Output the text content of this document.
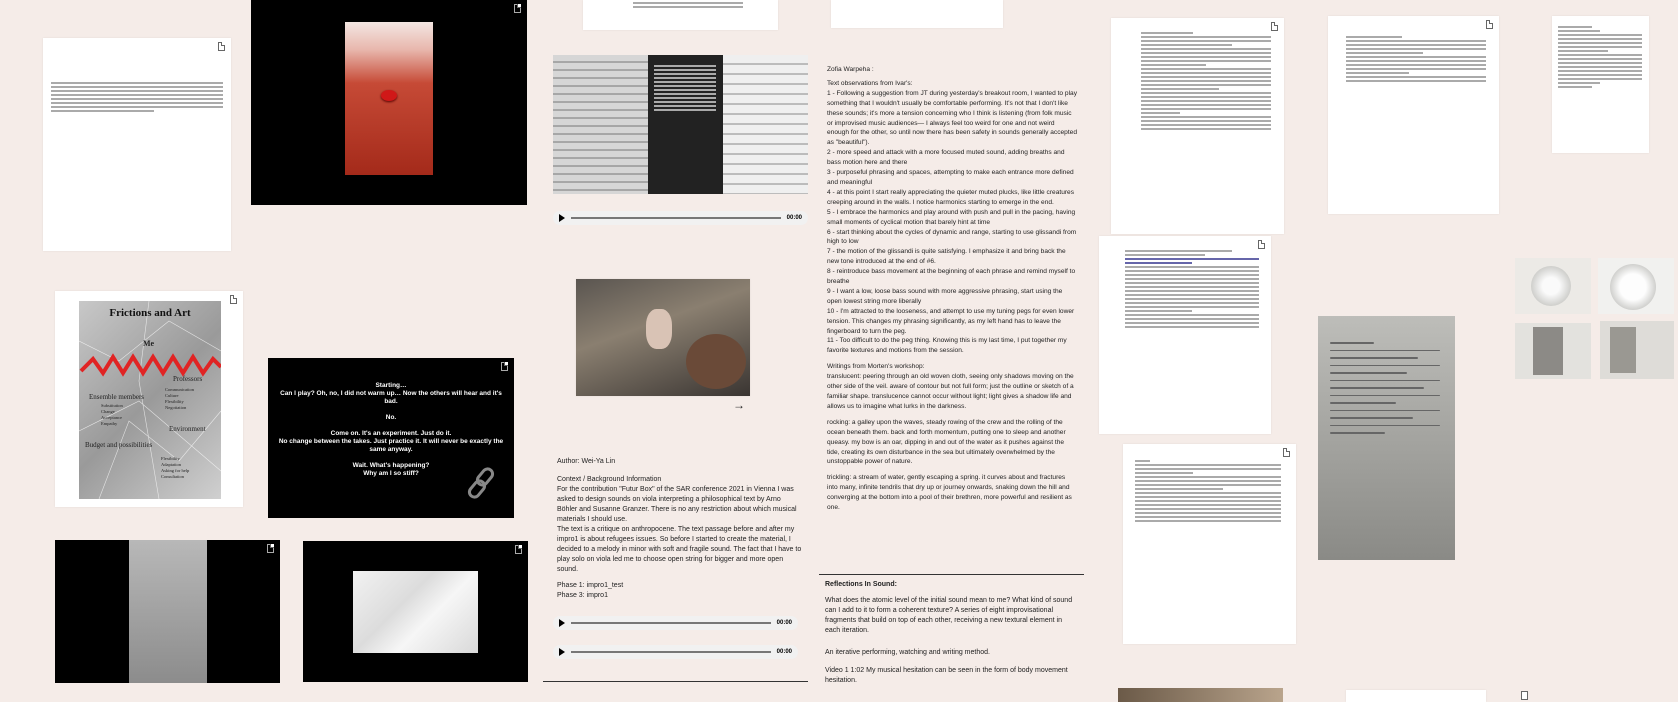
Frictions and Art
Me
Professors
Communication
Culture
Flexibility
Negotiation
Ensemble members
Substitution
Change
Acceptance
Empathy
Environment
Budget and possibilities
Flexibility
Adaptation
Asking for help
Consultation
Starting…
Can I play? Oh, no, I did not warm up… Now the others will hear and it's bad.
No.
Come on. It's an experiment. Just do it.
No change between the takes. Just practice it. It will never be exactly the same anyway.
Wait. What's happening?
Why am I so stiff?
00:00
→

Author: Wei-Ya Lin

Context / Background Information

For the contribution "Futur Box" of the SAR conference 2021 in Vienna I was asked to design sounds on viola interpreting a philosophical text by Arno Böhler and Susanne Granzer. There is no any restriction about which musical materials I should use.

The text is a critique on anthropocene. The text passage before and after my impro1 is about refugees issues. So before I started to create the material, I decided to a melody in minor with soft and fragile sound. The fact that I have to play solo on viola led me to choose open string for bigger and more open sound.

Phase 1: impro1_test

Phase 3: impro1

00:00
00:00

Zofia Warpeha :

Text observations from Ivar's:

1 - Following a suggestion from JT during yesterday's breakout room, I wanted to play something that I wouldn't usually be comfortable performing. It's not that I don't like these sounds; it's more a tension concerning who I think is listening (from folk music or improvised music audiences— I always feel too weird for one and not weird enough for the other, so until now there has been safety in sounds generally accepted as "beautiful").
2 - more speed and attack with a more focused muted sound, adding breaths and bass motion here and there
3 - purposeful phrasing and spaces, attempting to make each entrance more defined and meaningful
4 - at this point I start really appreciating the quieter muted plucks, like little creatures creeping around in the walls. I notice harmonics starting to emerge in the end.
5 - I embrace the harmonics and play around with push and pull in the pacing, having small moments of cyclical motion that barely hint at time
6 - start thinking about the cycles of dynamic and range, starting to use glissandi from high to low
7 - the motion of the glissandi is quite satisfying. I emphasize it and bring back the new tone introduced at the end of #6.
8 - reintroduce bass movement at the beginning of each phrase and remind myself to breathe
9 - I want a low, loose bass sound with more aggressive phrasing, start using the open lowest string more liberally
10 - I'm attracted to the looseness, and attempt to use my tuning pegs for even lower tension. This changes my phrasing significantly, as my left hand has to leave the fingerboard to turn the peg.
11 - Too difficult to do the peg thing. Knowing this is my last time, I put together my favorite textures and motions from the session.
Writings from Morten's workshop:
translucent: peering through an old woven cloth, seeing only shadows moving on the other side of the veil. aware of contour but not full form; just the outline or sketch of a familiar shape. translucence cannot occur without light; light gives a shadow life and allows us to imagine what lurks in the darkness.
rocking: a galley upon the waves, steady rowing of the crew and the rolling of the ocean beneath them. back and forth momentum, putting one to sleep and another queasy. my bow is an oar, dipping in and out of the water as it pushes against the tide, creating its own disturbance in the sea but ultimately overwhelmed by the unstoppable power of nature.
trickling: a stream of water, gently escaping a spring. it curves about and fractures into many, infinite tendrils that dry up or journey onwards, snaking down the hill and converging at the bottom into a pool of their brethren, more powerful and resilient as one.

Reflections In Sound:

What does the atomic level of the initial sound mean to me? What kind of sound can I add to it to form a coherent texture? A series of eight improvisational fragments that build on top of each other, receiving a new textural element in each iteration.

An iterative performing, watching and writing method.

Video 1 1:02 My musical hesitation can be seen in the form of body movement hesitation.
